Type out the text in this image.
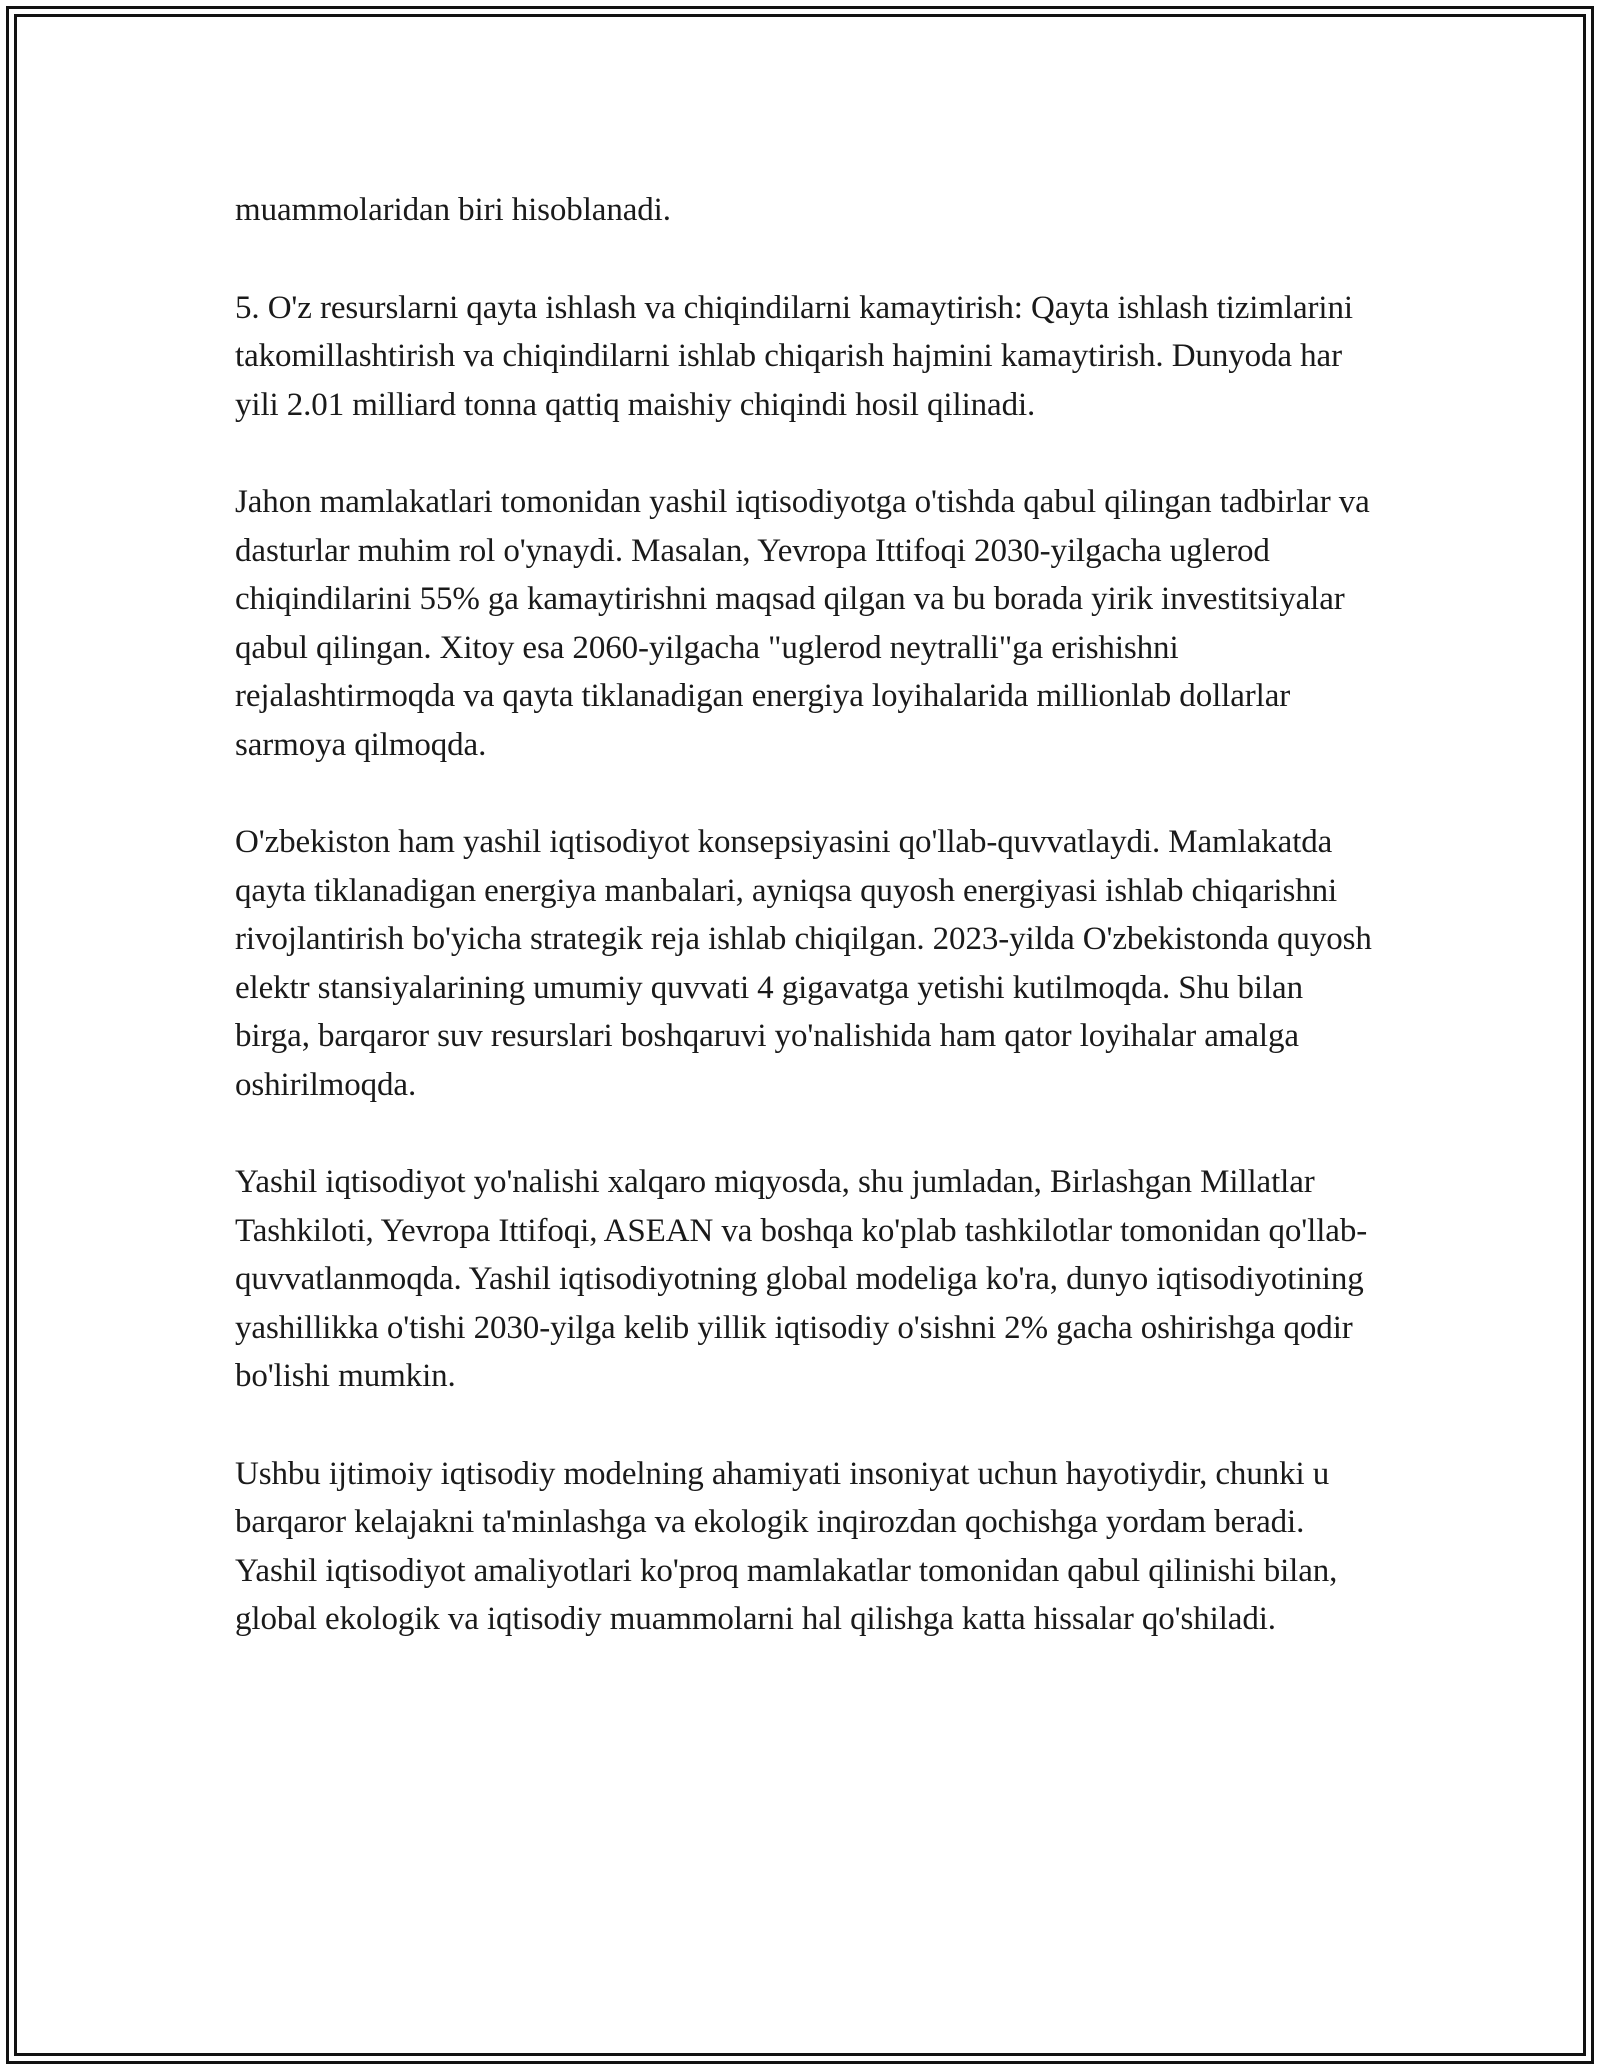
muammolaridan biri hisoblanadi.

5. O'z resurslarni qayta ishlash va chiqindilarni kamaytirish: Qayta ishlash tizimlarini takomillashtirish va chiqindilarni ishlab chiqarish hajmini kamaytirish. Dunyoda har yili 2.01 milliard tonna qattiq maishiy chiqindi hosil qilinadi.

Jahon mamlakatlari tomonidan yashil iqtisodiyotga o'tishda qabul qilingan tadbirlar va dasturlar muhim rol o'ynaydi. Masalan, Yevropa Ittifoqi 2030-yilgacha uglerod chiqindilarini 55% ga kamaytirishni maqsad qilgan va bu borada yirik investitsiyalar qabul qilingan. Xitoy esa 2060-yilgacha "uglerod neytralli"ga erishishni rejalashtirmoqda va qayta tiklanadigan energiya loyihalarida millionlab dollarlar sarmoya qilmoqda.

O'zbekiston ham yashil iqtisodiyot konsepsiyasini qo'llab-quvvatlaydi. Mamlakatda qayta tiklanadigan energiya manbalari, ayniqsa quyosh energiyasi ishlab chiqarishni rivojlantirish bo'yicha strategik reja ishlab chiqilgan. 2023-yilda O'zbekistonda quyosh elektr stansiyalarining umumiy quvvati 4 gigavatga yetishi kutilmoqda. Shu bilan birga, barqaror suv resurslari boshqaruvi yo'nalishida ham qator loyihalar amalga oshirilmoqda.

Yashil iqtisodiyot yo'nalishi xalqaro miqyosda, shu jumladan, Birlashgan Millatlar Tashkiloti, Yevropa Ittifoqi, ASEAN va boshqa ko'plab tashkilotlar tomonidan qo'llab-quvvatlanmoqda. Yashil iqtisodiyotning global modeliga ko'ra, dunyo iqtisodiyotining yashillikka o'tishi 2030-yilga kelib yillik iqtisodiy o'sishni 2% gacha oshirishga qodir bo'lishi mumkin.

Ushbu ijtimoiy iqtisodiy modelning ahamiyati insoniyat uchun hayotiydir, chunki u barqaror kelajakni ta'minlashga va ekologik inqirozdan qochishga yordam beradi. Yashil iqtisodiyot amaliyotlari ko'proq mamlakatlar tomonidan qabul qilinishi bilan, global ekologik va iqtisodiy muammolarni hal qilishga katta hissalar qo'shiladi.
